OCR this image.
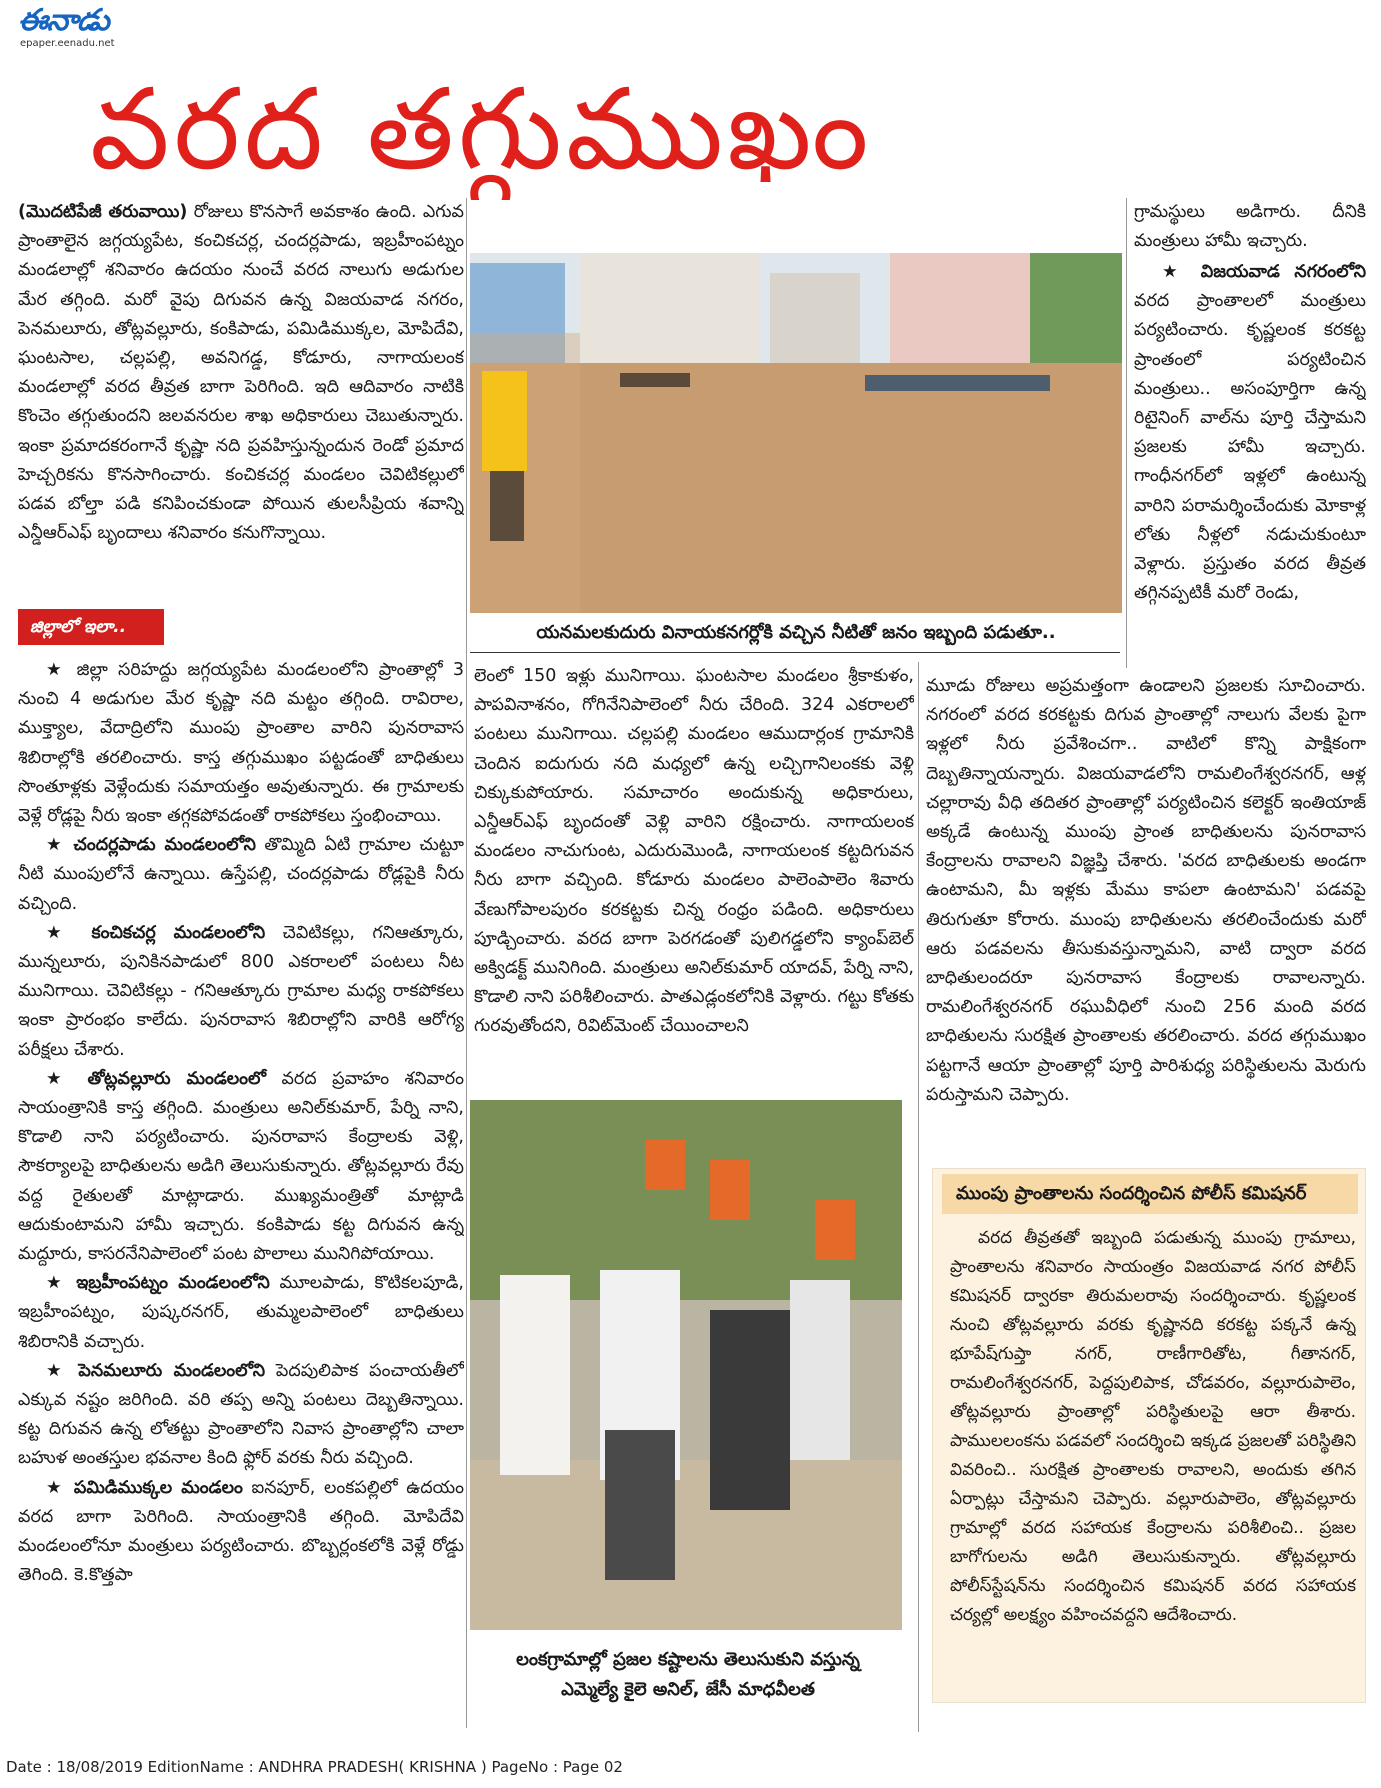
ఈనాడు
epaper.eenadu.net
వరద తగ్గుముఖం

(మొదటిపేజీ తరువాయి) రోజులు కొనసాగే అవకాశం ఉంది. ఎగువ ప్రాంతాలైన జగ్గయ్యపేట, కంచికచర్ల, చందర్లపాడు, ఇబ్రహీంపట్నం మండలాల్లో శనివారం ఉదయం నుంచే వరద నాలుగు అడుగుల మేర తగ్గింది. మరో వైపు దిగువన ఉన్న విజయవాడ నగరం, పెనమలూరు, తోట్లవల్లూరు, కంకిపాడు, పమిడిముక్కల, మోపిదేవి, ఘంటసాల, చల్లపల్లి, అవనిగడ్డ, కోడూరు, నాగాయలంక మండలాల్లో వరద తీవ్రత బాగా పెరిగింది. ఇది ఆదివారం నాటికి కొంచెం తగ్గుతుందని జలవనరుల శాఖ అధికారులు చెబుతున్నారు. ఇంకా ప్రమాదకరంగానే కృష్ణా నది ప్రవహిస్తున్నందున రెండో ప్రమాద హెచ్చరికను కొనసాగించారు. కంచికచర్ల మండలం చెవిటికల్లులో పడవ బోల్తా పడి కనిపించకుండా పోయిన తులసీప్రియ శవాన్ని ఎన్డీఆర్‌ఎఫ్ బృందాలు శనివారం కనుగొన్నాయి.

జిల్లాలో ఇలా..

★ జిల్లా సరిహద్దు జగ్గయ్యపేట మండలంలోని ప్రాంతాల్లో 3 నుంచి 4 అడుగుల మేర కృష్ణా నది మట్టం తగ్గింది. రావిరాల, ముక్త్యాల, వేదాద్రిలోని ముంపు ప్రాంతాల వారిని పునరావాస శిబిరాల్లోకి తరలించారు. కాస్త తగ్గుముఖం పట్టడంతో బాధితులు సొంతూళ్లకు వెళ్లేందుకు సమాయత్తం అవుతున్నారు. ఈ గ్రామాలకు వెళ్లే రోడ్లపై నీరు ఇంకా తగ్గకపోవడంతో రాకపోకలు స్తంభించాయి.

★ చందర్లపాడు మండలంలోని తొమ్మిది ఏటి గ్రామాల చుట్టూ నీటి ముంపులోనే ఉన్నాయి. ఉస్తేపల్లి, చందర్లపాడు రోడ్లపైకి నీరు వచ్చింది.

★ కంచికచర్ల మండలంలోని చెవిటికల్లు, గనిఆత్కూరు, మున్నలూరు, పునికినపాడులో 800 ఎకరాలలో పంటలు నీట మునిగాయి. చెవిటికల్లు - గనిఆత్కూరు గ్రామాల మధ్య రాకపోకలు ఇంకా ప్రారంభం కాలేదు. పునరావాస శిబిరాల్లోని వారికి ఆరోగ్య పరీక్షలు చేశారు.

★ తోట్లవల్లూరు మండలంలో వరద ప్రవాహం శనివారం సాయంత్రానికి కాస్త తగ్గింది. మంత్రులు అనిల్‌కుమార్, పేర్ని నాని, కొడాలి నాని పర్యటించారు. పునరావాస కేంద్రాలకు వెళ్లి, సౌకర్యాలపై బాధితులను అడిగి తెలుసుకున్నారు. తోట్లవల్లూరు రేవు వద్ద రైతులతో మాట్లాడారు. ముఖ్యమంత్రితో మాట్లాడి ఆదుకుంటామని హామీ ఇచ్చారు. కంకిపాడు కట్ట దిగువన ఉన్న మద్దూరు, కాసరనేనిపాలెంలో పంట పొలాలు మునిగిపోయాయి.

★ ఇబ్రహీంపట్నం మండలంలోని మూలపాడు, కొటికలపూడి, ఇబ్రహీంపట్నం, పుష్కరనగర్, తుమ్మలపాలెంలో బాధితులు శిబిరానికి వచ్చారు.

★ పెనమలూరు మండలంలోని పెదపులిపాక పంచాయతీలో ఎక్కువ నష్టం జరిగింది. వరి తప్ప అన్ని పంటలు దెబ్బతిన్నాయి. కట్ట దిగువన ఉన్న లోతట్టు ప్రాంతాలోని నివాస ప్రాంతాల్లోని చాలా బహుళ అంతస్తుల భవనాల కింది ఫ్లోర్ వరకు నీరు వచ్చింది.

★ పమిడిముక్కల మండలం ఐనపూర్, లంకపల్లిలో ఉదయం వరద బాగా పెరిగింది. సాయంత్రానికి తగ్గింది. మోపిదేవి మండలంలోనూ మంత్రులు పర్యటించారు. బొబ్బర్లంకలోకి వెళ్లే రోడ్డు తెగింది. కె.కొత్తపా

యనమలకుదురు వినాయకనగర్లోకి వచ్చిన నీటితో జనం ఇబ్బంది పడుతూ..

లెంలో 150 ఇళ్లు మునిగాయి. ఘంటసాల మండలం శ్రీకాకుళం, పాపవినాశనం, గోగినేనిపాలెంలో నీరు చేరింది. 324 ఎకరాలలో పంటలు మునిగాయి. చల్లపల్లి మండలం ఆముదార్లంక గ్రామానికి చెందిన ఐదుగురు నది మధ్యలో ఉన్న లచ్చిగానిలంకకు వెళ్లి చిక్కుకుపోయారు. సమాచారం అందుకున్న అధికారులు, ఎన్డీఆర్‌ఎఫ్ బృందంతో వెళ్లి వారిని రక్షించారు. నాగాయలంక మండలం నాచుగుంట, ఎదురుమొండి, నాగాయలంక కట్టదిగువన నీరు బాగా వచ్చింది. కోడూరు మండలం పాలెంపాలెం శివారు వేణుగోపాలపురం కరకట్టకు చిన్న రంధ్రం పడింది. అధికారులు పూడ్చించారు. వరద బాగా పెరగడంతో పులిగడ్డలోని క్యాంప్‌బెల్ అక్విడక్ట్ మునిగింది. మంత్రులు అనిల్‌కుమార్ యాదవ్, పేర్ని నాని, కొడాలి నాని పరిశీలించారు. పాతఎడ్లంకలోనికి వెళ్లారు. గట్టు కోతకు గురవుతోందని, రివిట్‌మెంట్ చేయించాలని

లంకగ్రామాల్లో ప్రజల కష్టాలను తెలుసుకుని వస్తున్న ఎమ్మెల్యే కైలె అనిల్, జేసీ మాధవీలత

గ్రామస్థులు అడిగారు. దీనికి మంత్రులు హామీ ఇచ్చారు.

★ విజయవాడ నగరంలోని వరద ప్రాంతాలలో మంత్రులు పర్యటించారు. కృష్ణలంక కరకట్ట ప్రాంతంలో పర్యటించిన మంత్రులు.. అసంపూర్తిగా ఉన్న రిటైనింగ్ వాల్‌ను పూర్తి చేస్తామని ప్రజలకు హామీ ఇచ్చారు. గాంధీనగర్‌లో ఇళ్లలో ఉంటున్న వారిని పరామర్శించేందుకు మోకాళ్ల లోతు నీళ్లలో నడుచుకుంటూ వెళ్లారు. ప్రస్తుతం వరద తీవ్రత తగ్గినప్పటికీ మరో రెండు,

మూడు రోజులు అప్రమత్తంగా ఉండాలని ప్రజలకు సూచించారు. నగరంలో వరద కరకట్టకు దిగువ ప్రాంతాల్లో నాలుగు వేలకు పైగా ఇళ్లలో నీరు ప్రవేశించగా.. వాటిలో కొన్ని పాక్షికంగా దెబ్బతిన్నాయన్నారు. విజయవాడలోని రామలింగేశ్వరనగర్, ఆళ్ల చల్లారావు వీధి తదితర ప్రాంతాల్లో పర్యటించిన కలెక్టర్ ఇంతియాజ్ అక్కడే ఉంటున్న ముంపు ప్రాంత బాధితులను పునరావాస కేంద్రాలను రావాలని విజ్ఞప్తి చేశారు. 'వరద బాధితులకు అండగా ఉంటామని, మీ ఇళ్లకు మేము కాపలా ఉంటామని' పడవపై తిరుగుతూ కోరారు. ముంపు బాధితులను తరలించేందుకు మరో ఆరు పడవలను తీసుకువస్తున్నామని, వాటి ద్వారా వరద బాధితులందరూ పునరావాస కేంద్రాలకు రావాలన్నారు. రామలింగేశ్వరనగర్ రఘువీధిలో నుంచి 256 మంది వరద బాధితులను సురక్షిత ప్రాంతాలకు తరలించారు. వరద తగ్గుముఖం పట్టగానే ఆయా ప్రాంతాల్లో పూర్తి పారిశుధ్య పరిస్థితులను మెరుగు పరుస్తామని చెప్పారు.

ముంపు ప్రాంతాలను సందర్శించిన పోలీస్ కమిషనర్

వరద తీవ్రతతో ఇబ్బంది పడుతున్న ముంపు గ్రామాలు, ప్రాంతాలను శనివారం సాయంత్రం విజయవాడ నగర పోలీస్ కమిషనర్ ద్వారకా తిరుమలరావు సందర్శించారు. కృష్ణలంక నుంచి తోట్లవల్లూరు వరకు కృష్ణానది కరకట్ట పక్కనే ఉన్న భూపేష్‌గుప్తా నగర్, రాణీగారితోట, గీతానగర్, రామలింగేశ్వరనగర్, పెద్దపులిపాక, చోడవరం, వల్లూరుపాలెం, తోట్లవల్లూరు ప్రాంతాల్లో పరిస్థితులపై ఆరా తీశారు. పాములలంకను పడవలో సందర్శించి ఇక్కడ ప్రజలతో పరిస్థితిని వివరించి.. సురక్షిత ప్రాంతాలకు రావాలని, అందుకు తగిన ఏర్పాట్లు చేస్తామని చెప్పారు. వల్లూరుపాలెం, తోట్లవల్లూరు గ్రామాల్లో వరద సహాయక కేంద్రాలను పరిశీలించి.. ప్రజల బాగోగులను అడిగి తెలుసుకున్నారు. తోట్లవల్లూరు పోలీస్‌స్టేషన్‌ను సందర్శించిన కమిషనర్ వరద సహాయక చర్యల్లో అలక్ష్యం వహించవద్దని ఆదేశించారు.

Date : 18/08/2019 EditionName : ANDHRA PRADESH( KRISHNA ) PageNo : Page 02
